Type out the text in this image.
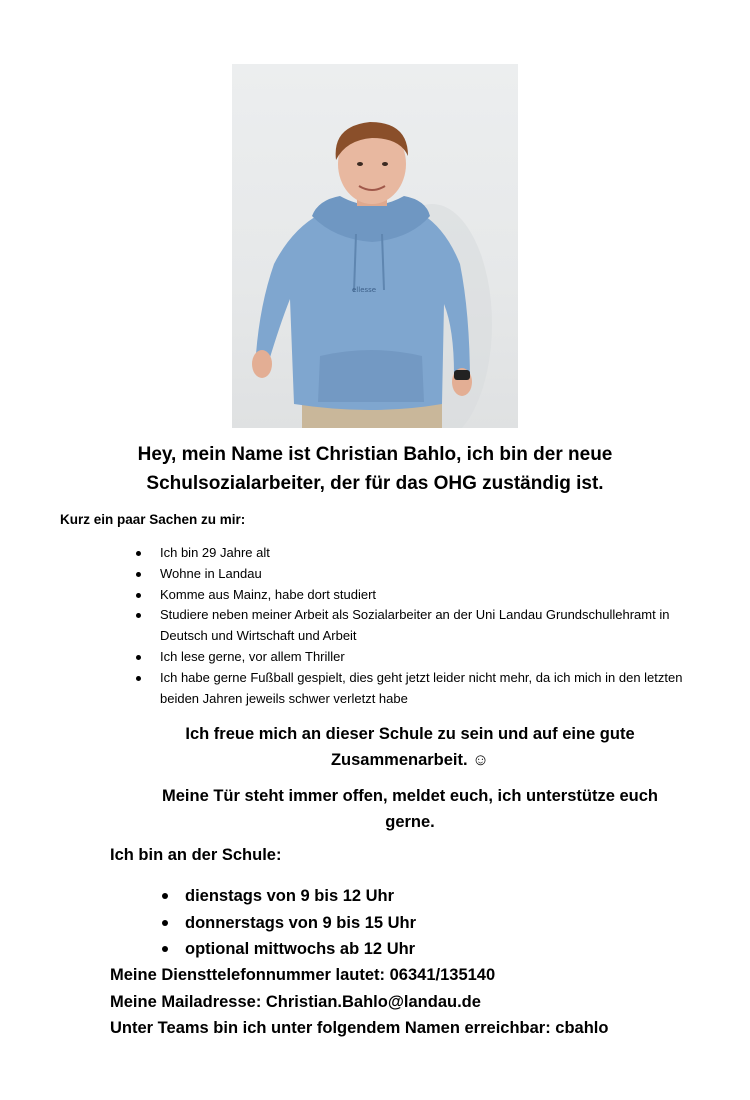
ellesse
Hey, mein Name ist Christian Bahlo, ich bin der neue
Schulsozialarbeiter, der für das OHG zuständig ist.

Kurz ein paar Sachen zu mir:

Ich bin 29 Jahre alt
Wohne in Landau
Komme aus Mainz, habe dort studiert
Studiere neben meiner Arbeit als Sozialarbeiter an der Uni Landau Grundschullehramt in Deutsch und Wirtschaft und Arbeit
Ich lese gerne, vor allem Thriller
Ich habe gerne Fußball gespielt, dies geht jetzt leider nicht mehr, da ich mich in den letzten beiden Jahren jeweils schwer verletzt habe
Ich freue mich an dieser Schule zu sein und auf eine gute
Zusammenarbeit. ☺
Meine Tür steht immer offen, meldet euch, ich unterstütze euch
gerne.

Ich bin an der Schule:

dienstags von 9 bis 12 Uhr
donnerstags von 9 bis 15 Uhr
optional mittwochs ab 12 Uhr
Meine Diensttelefonnummer lautet: 06341/135140
Meine Mailadresse: Christian.Bahlo@landau.de
Unter Teams bin ich unter folgendem Namen erreichbar: cbahlo
